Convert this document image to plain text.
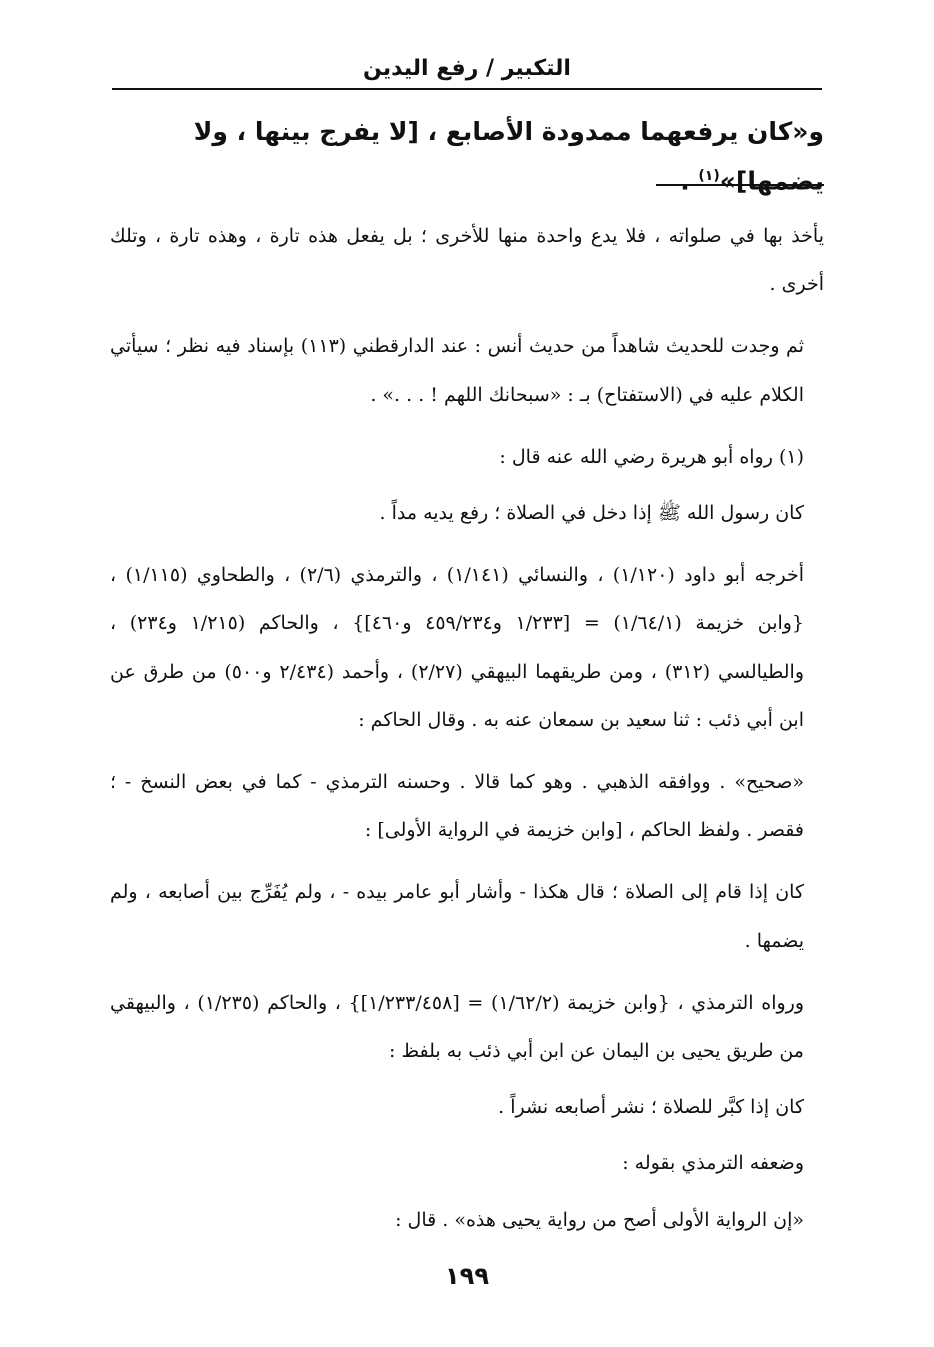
التكبير / رفع اليدين
و«كان يرفعهما ممدودة الأصابع ، [لا يفرج بينها ، ولا يضمها]»$^{(١)}$ .

يأخذ بها في صلواته ، فلا يدع واحدة منها للأخرى ؛ بل يفعل هذه تارة ، وهذه تارة ، وتلك أخرى .

ثم وجدت للحديث شاهداً من حديث أنس : عند الدارقطني (١١٣) بإسناد فيه نظر ؛ سيأتي الكلام عليه في (الاستفتاح) بـ : «سبحانك اللهم ! . . .» .

(١) رواه أبو هريرة رضي الله عنه قال :

كان رسول الله ﷺ إذا دخل في الصلاة ؛ رفع يديه مداً .

أخرجه أبو داود (١/١٢٠) ، والنسائي (١/١٤١) ، والترمذي (٢/٦) ، والطحاوي (١/١١٥) ، {وابن خزيمة (١/٦٤/١) = [١/٢٣٣ و٤٥٩/٢٣٤ و٤٦٠]} ، والحاكم (١/٢١٥ و٢٣٤) ، والطيالسي (٣١٢) ، ومن طريقهما البيهقي (٢/٢٧) ، وأحمد (٢/٤٣٤ و٥٠٠) من طرق عن ابن أبي ذئب : ثنا سعيد بن سمعان عنه به . وقال الحاكم :

«صحيح» . ووافقه الذهبي . وهو كما قالا . وحسنه الترمذي - كما في بعض النسخ - ؛ فقصر . ولفظ الحاكم ، [وابن خزيمة في الرواية الأولى] :

كان إذا قام إلى الصلاة ؛ قال هكذا - وأشار أبو عامر بيده - ، ولم يُفَرِّج بين أصابعه ، ولم يضمها .

ورواه الترمذي ، {وابن خزيمة (١/٦٢/٢) = [١/٢٣٣/٤٥٨]} ، والحاكم (١/٢٣٥) ، والبيهقي من طريق يحيى بن اليمان عن ابن أبي ذئب به بلفظ :

كان إذا كبَّر للصلاة ؛ نشر أصابعه نشراً .

وضعفه الترمذي بقوله :

«إن الرواية الأولى أصح من رواية يحيى هذه» . قال :

١٩٩
